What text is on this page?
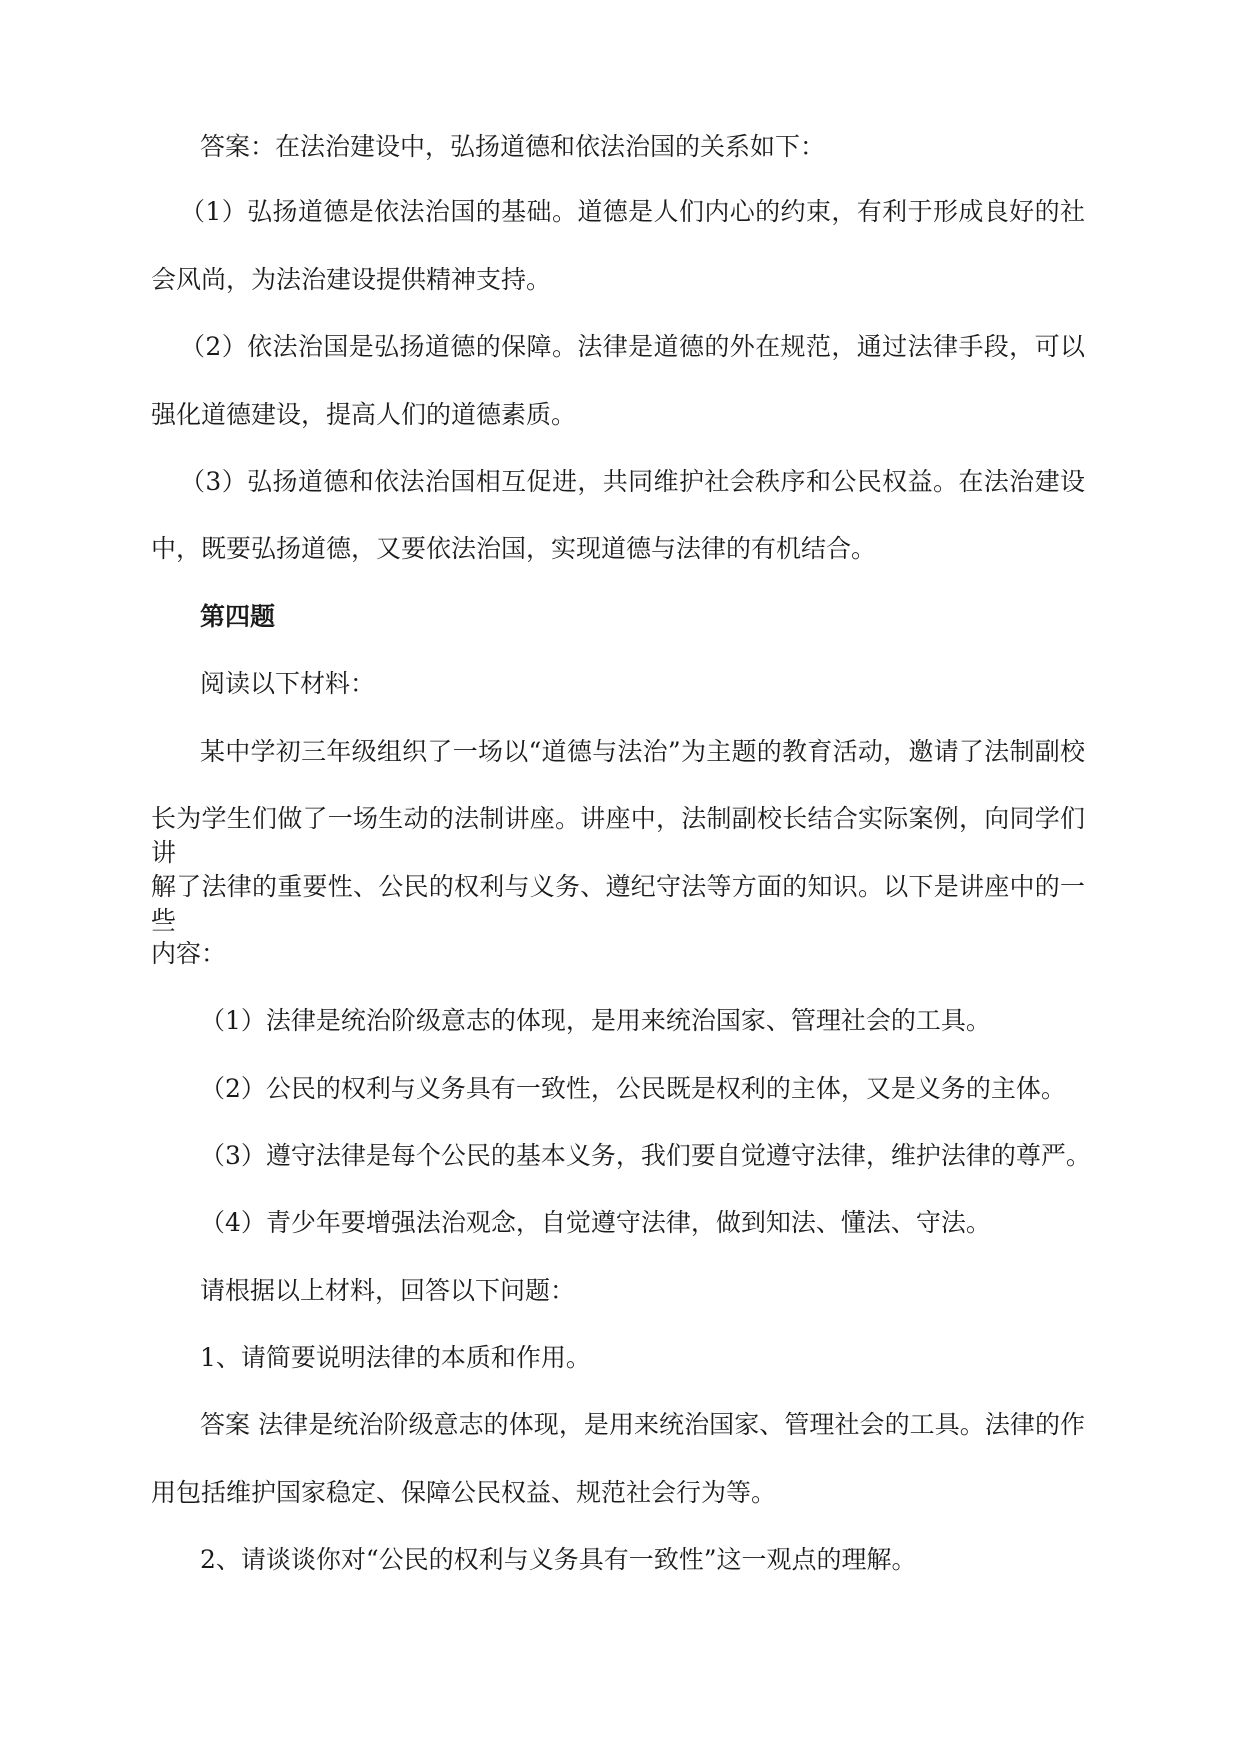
答案：在法治建设中，弘扬道德和依法治国的关系如下：
（1）弘扬道德是依法治国的基础。道德是人们内心的约束，有利于形成良好的社
会风尚，为法治建设提供精神支持。
（2）依法治国是弘扬道德的保障。法律是道德的外在规范，通过法律手段，可以
强化道德建设，提高人们的道德素质。
（3）弘扬道德和依法治国相互促进，共同维护社会秩序和公民权益。在法治建设
中，既要弘扬道德，又要依法治国，实现道德与法律的有机结合。
第四题
阅读以下材料：
某中学初三年级组织了一场以“道德与法治”为主题的教育活动，邀请了法制副校
长为学生们做了一场生动的法制讲座。讲座中，法制副校长结合实际案例，向同学们讲
解了法律的重要性、公民的权利与义务、遵纪守法等方面的知识。以下是讲座中的一些
内容：
（1）法律是统治阶级意志的体现，是用来统治国家、管理社会的工具。
（2）公民的权利与义务具有一致性，公民既是权利的主体，又是义务的主体。
（3）遵守法律是每个公民的基本义务，我们要自觉遵守法律，维护法律的尊严。
（4）青少年要增强法治观念，自觉遵守法律，做到知法、懂法、守法。
请根据以上材料，回答以下问题：
1、请简要说明法律的本质和作用。
答案 法律是统治阶级意志的体现，是用来统治国家、管理社会的工具。法律的作
用包括维护国家稳定、保障公民权益、规范社会行为等。
2、请谈谈你对“公民的权利与义务具有一致性”这一观点的理解。
